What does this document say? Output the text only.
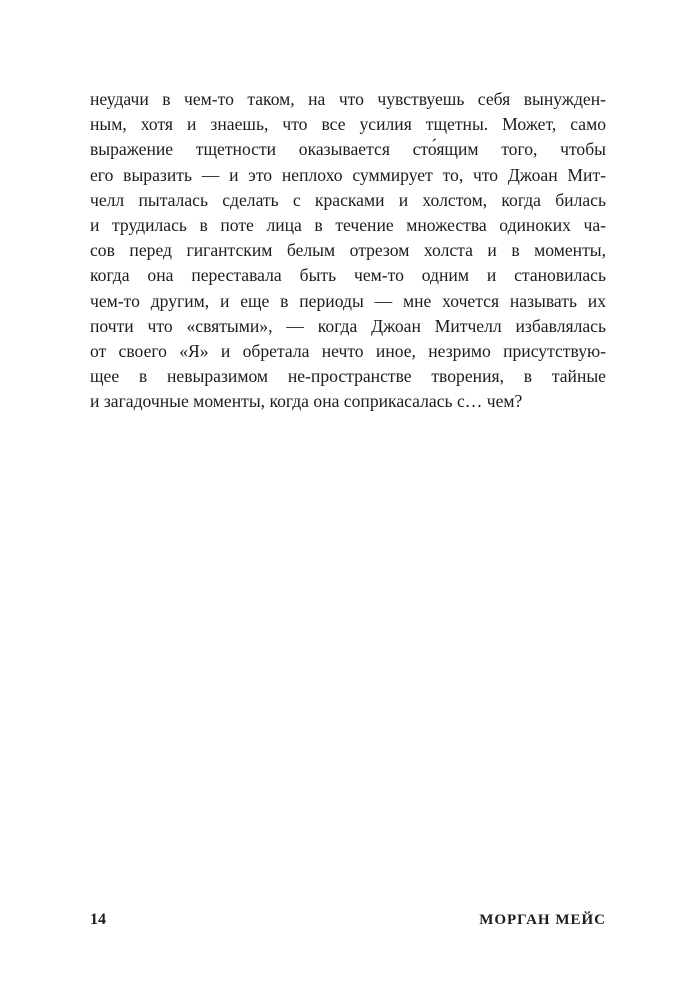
неудачи в чем-то таком, на что чувствуешь себя вынужден-
ным, хотя и знаешь, что все усилия тщетны. Может, само
выражение тщетности оказывается сто́ящим того, чтобы
его выразить — и это неплохо суммирует то, что Джоан Мит-
челл пыталась сделать с красками и холстом, когда билась
и трудилась в поте лица в течение множества одиноких ча-
сов перед гигантским белым отрезом холста и в моменты,
когда она переставала быть чем-то одним и становилась
чем-то другим, и еще в периоды — мне хочется называть их
почти что «святыми», — когда Джоан Митчелл избавлялась
от своего «Я» и обретала нечто иное, незримо присутствую-
щее в невыразимом не-пространстве творения, в тайные
и загадочные моменты, когда она соприкасалась с… чем?
14	МОРГАН МЕЙС
